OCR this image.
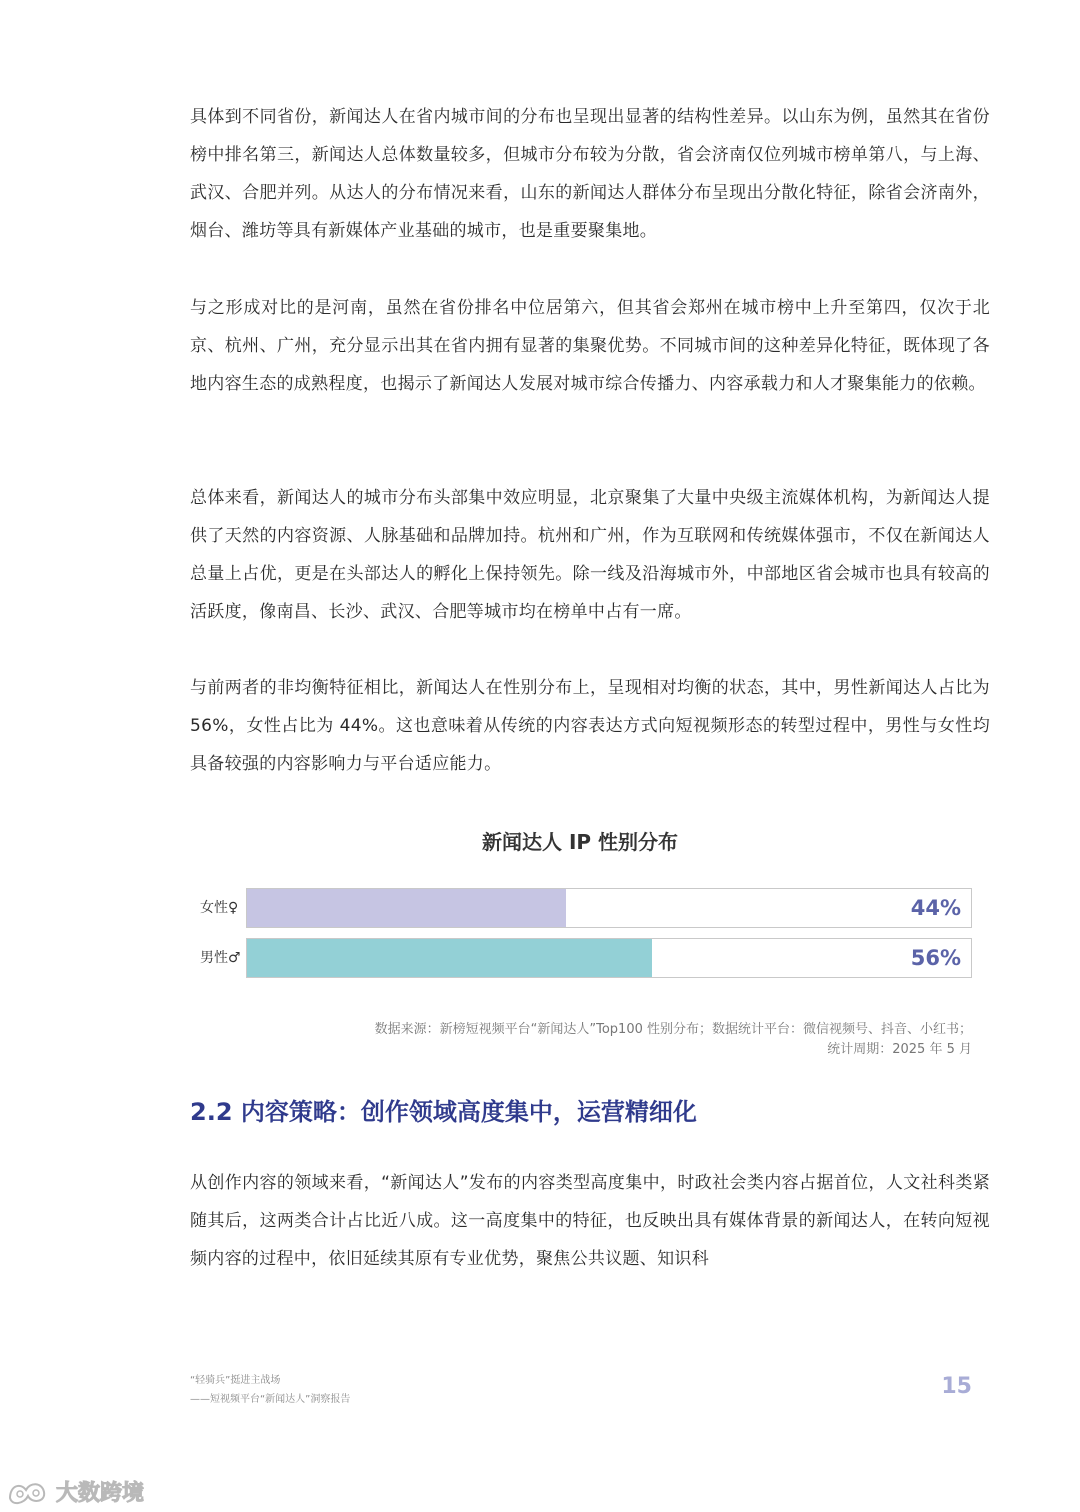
具体到不同省份，新闻达人在省内城市间的分布也呈现出显著的结构性差异。以山东为例，虽然其在省份榜中排名第三，新闻达人总体数量较多，但城市分布较为分散，省会济南仅位列城市榜单第八，与上海、武汉、合肥并列。从达人的分布情况来看，山东的新闻达人群体分布呈现出分散化特征，除省会济南外，烟台、潍坊等具有新媒体产业基础的城市，也是重要聚集地。

与之形成对比的是河南，虽然在省份排名中位居第六，但其省会郑州在城市榜中上升至第四，仅次于北京、杭州、广州，充分显示出其在省内拥有显著的集聚优势。不同城市间的这种差异化特征，既体现了各地内容生态的成熟程度，也揭示了新闻达人发展对城市综合传播力、内容承载力和人才聚集能力的依赖。

总体来看，新闻达人的城市分布头部集中效应明显，北京聚集了大量中央级主流媒体机构，为新闻达人提供了天然的内容资源、人脉基础和品牌加持。杭州和广州，作为互联网和传统媒体强市，不仅在新闻达人总量上占优，更是在头部达人的孵化上保持领先。除一线及沿海城市外，中部地区省会城市也具有较高的活跃度，像南昌、长沙、武汉、合肥等城市均在榜单中占有一席。

与前两者的非均衡特征相比，新闻达人在性别分布上，呈现相对均衡的状态，其中，男性新闻达人占比为 56%，女性占比为 44%。这也意味着从传统的内容表达方式向短视频形态的转型过程中，男性与女性均具备较强的内容影响力与平台适应能力。

新闻达人 IP 性别分布
女性♀	44%
男性♂	56%
数据来源：新榜短视频平台“新闻达人”Top100 性别分布；数据统计平台：微信视频号、抖音、小红书；
统计周期：2025 年 5 月
2.2 内容策略：创作领域高度集中，运营精细化

从创作内容的领域来看，“新闻达人”发布的内容类型高度集中，时政社会类内容占据首位，人文社科类紧随其后，这两类合计占比近八成。这一高度集中的特征，也反映出具有媒体背景的新闻达人，在转向短视频内容的过程中，依旧延续其原有专业优势，聚焦公共议题、知识科

“轻骑兵”挺进主战场
——短视频平台“新闻达人”洞察报告
15
大数跨境
